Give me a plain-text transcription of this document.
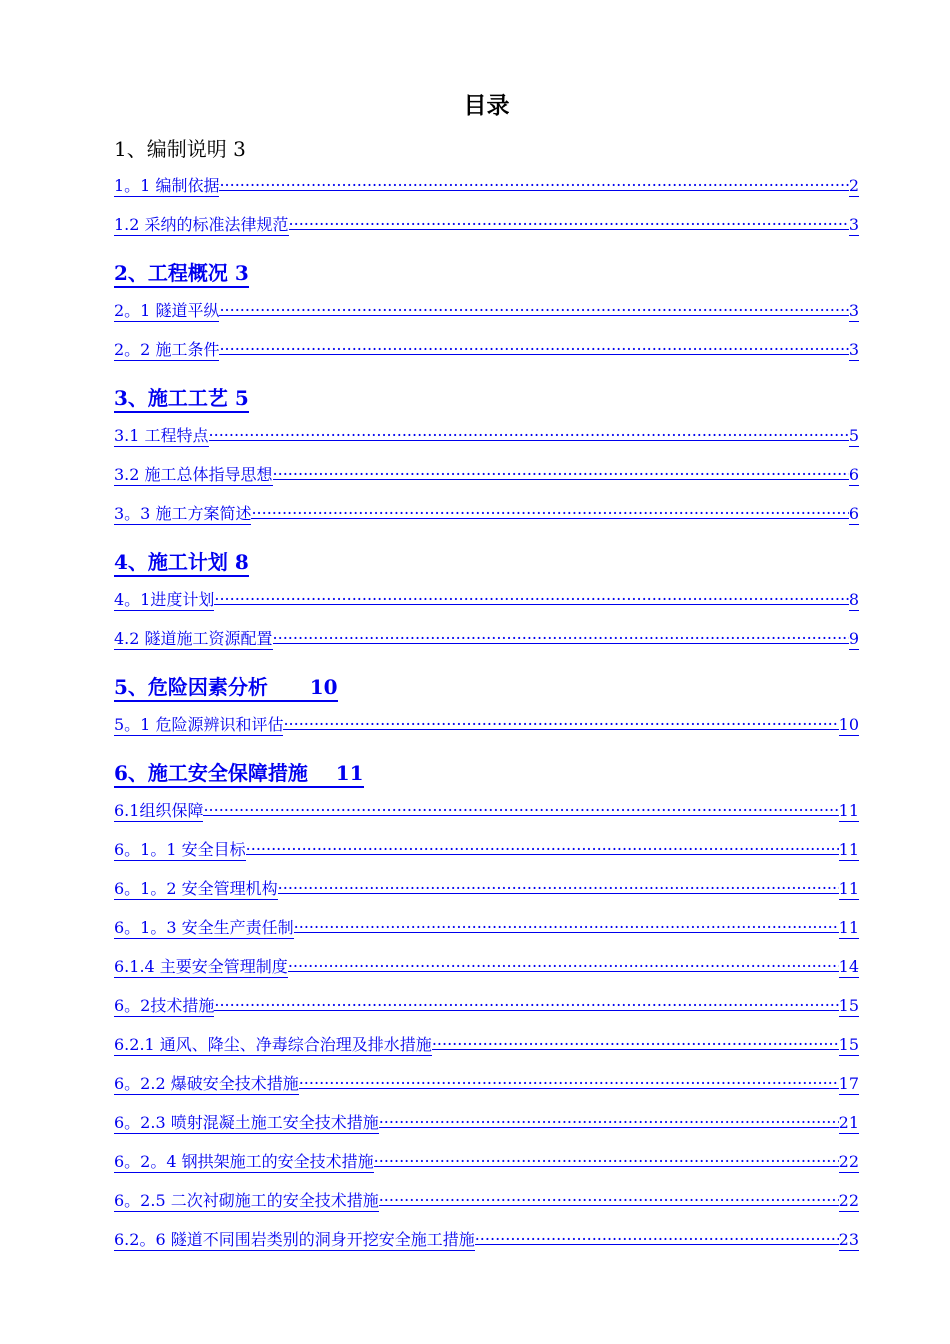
目录
1、编制说明 3
1。1 编制依据 .....	2
1.2 采纳的标准法律规范 .....	3
2、工程概况 3
2。1 隧道平纵 .....	3
2。2 施工条件 .....	3
3、施工工艺 5
3.1 工程特点 .....	5
3.2 施工总体指导思想 .....	6
3。3 施工方案简述 .....	6
4、施工计划 8
4。1进度计划 .....	8
4.2 隧道施工资源配置 .....	9
5、危险因素分析      10
5。1 危险源辨识和评估 .....	10
6、施工安全保障措施    11
6.1组织保障 .....	11
6。1。1 安全目标 .....	11
6。1。2 安全管理机构 .....	11
6。1。3 安全生产责任制 .....	11
6.1.4 主要安全管理制度 .....	14
6。2技术措施 .....	15
6.2.1 通风、降尘、净毒综合治理及排水措施 .....	15
6。2.2 爆破安全技术措施 .....	17
6。2.3 喷射混凝土施工安全技术措施 .....	21
6。2。4 钢拱架施工的安全技术措施 .....	22
6。2.5 二次衬砌施工的安全技术措施 .....	22
6.2。6 隧道不同围岩类别的洞身开挖安全施工措施 .....	23
